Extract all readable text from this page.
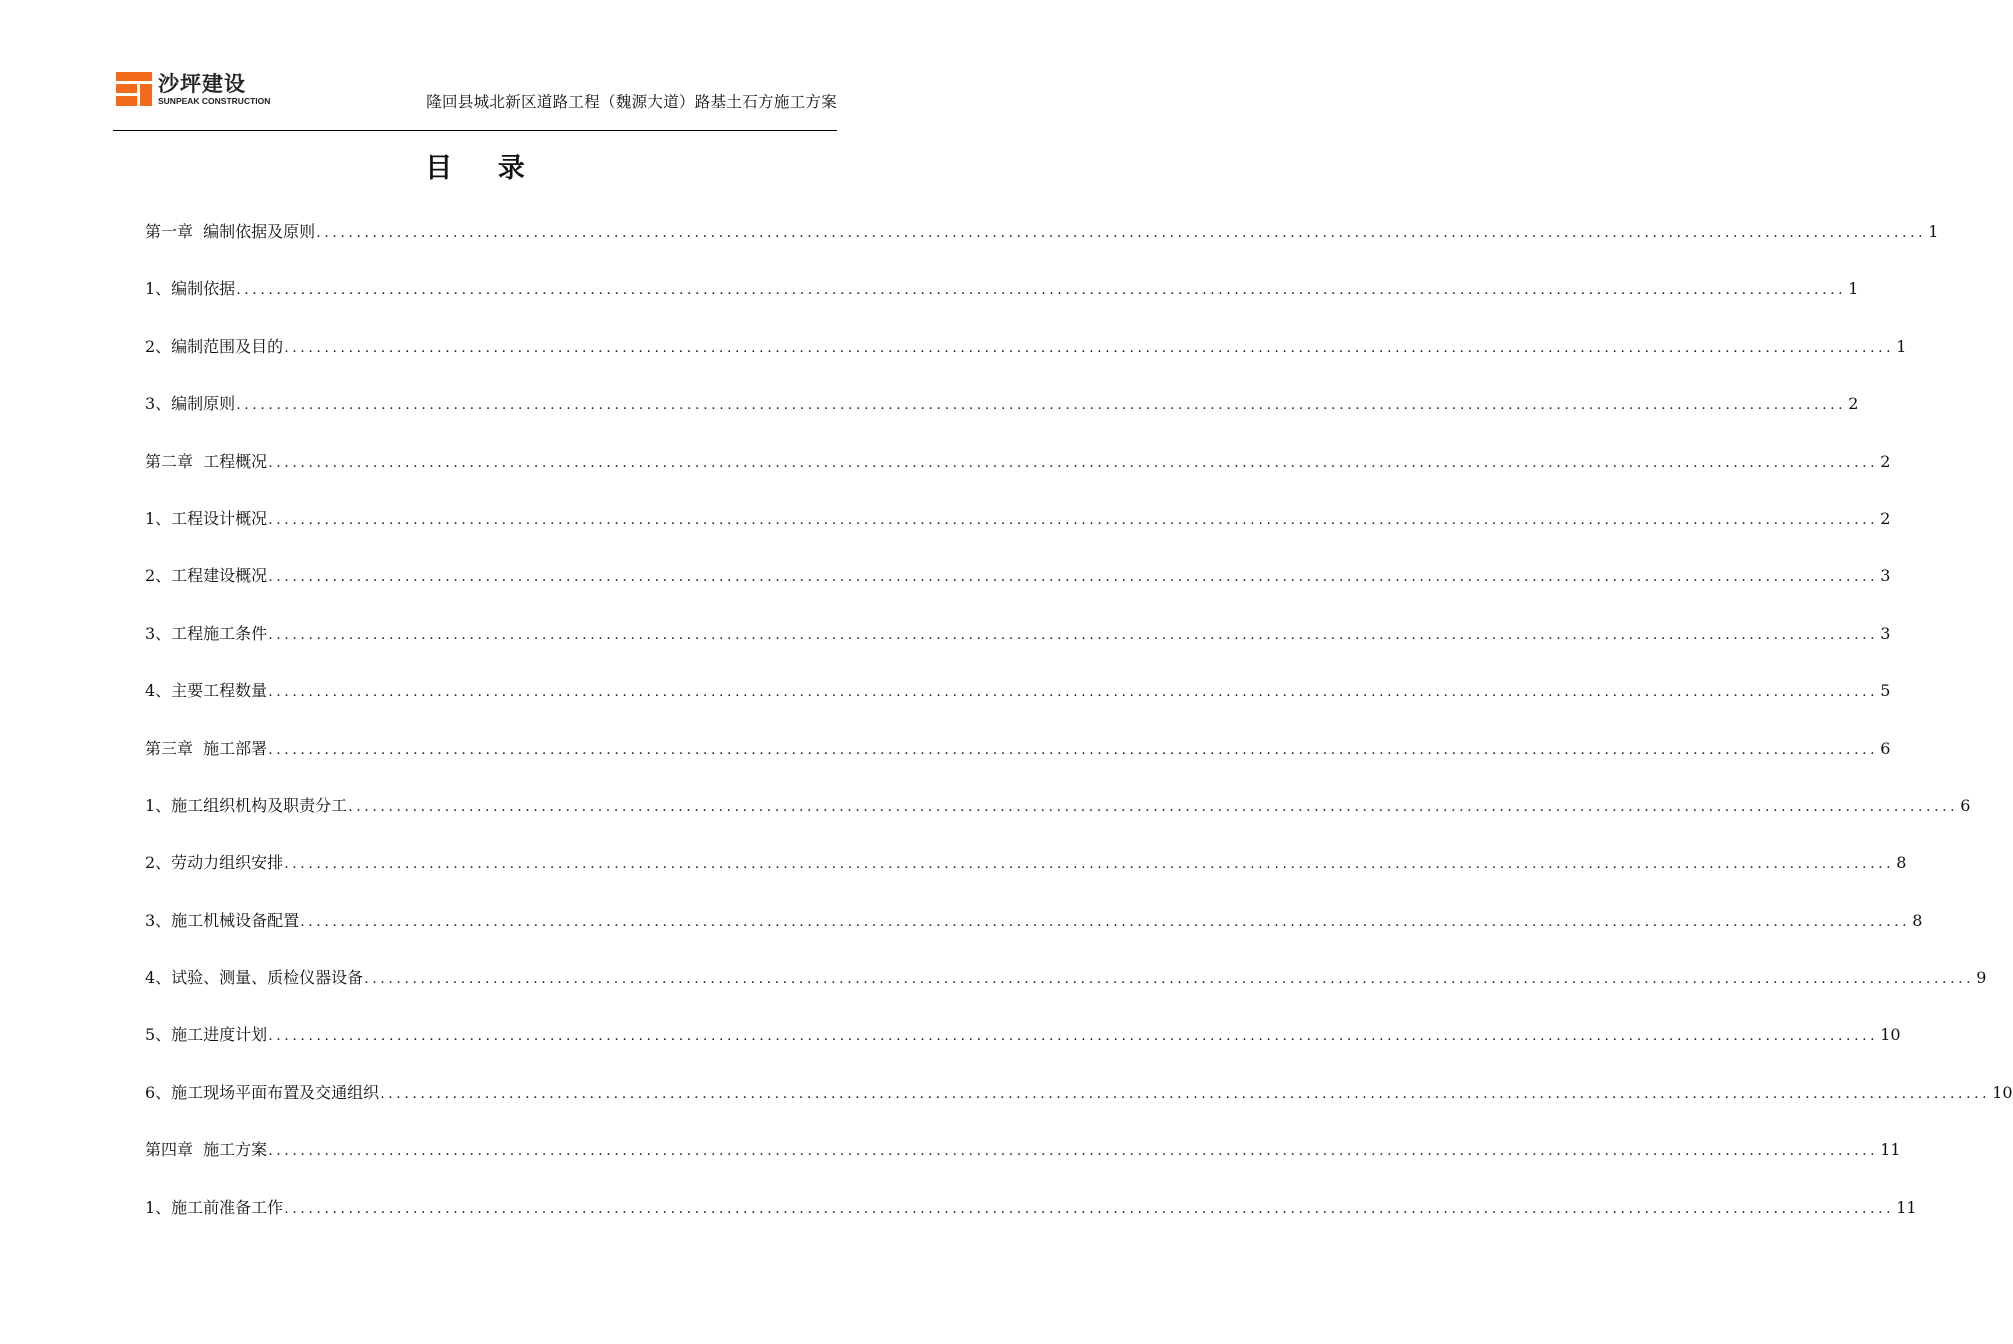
沙坪建设
SUNPEAK CONSTRUCTION	隆回县城北新区道路工程（魏源大道）路基土石方施工方案
目 录
第一章  编制依据及原则 ........................................................................................................................................................................................................ 1
1、编制依据 ........................................................................................................................................................................................................ 1
2、编制范围及目的 ........................................................................................................................................................................................................ 1
3、编制原则 ........................................................................................................................................................................................................ 2
第二章  工程概况 ........................................................................................................................................................................................................ 2
1、工程设计概况 ........................................................................................................................................................................................................ 2
2、工程建设概况 ........................................................................................................................................................................................................ 3
3、工程施工条件 ........................................................................................................................................................................................................ 3
4、主要工程数量 ........................................................................................................................................................................................................ 5
第三章  施工部署 ........................................................................................................................................................................................................ 6
1、施工组织机构及职责分工 ........................................................................................................................................................................................................ 6
2、劳动力组织安排 ........................................................................................................................................................................................................ 8
3、施工机械设备配置 ........................................................................................................................................................................................................ 8
4、试验、测量、质检仪器设备 ........................................................................................................................................................................................................ 9
5、施工进度计划 ........................................................................................................................................................................................................ 10
6、施工现场平面布置及交通组织 ........................................................................................................................................................................................................ 10
第四章  施工方案 ........................................................................................................................................................................................................ 11
1、施工前准备工作 ........................................................................................................................................................................................................ 11
